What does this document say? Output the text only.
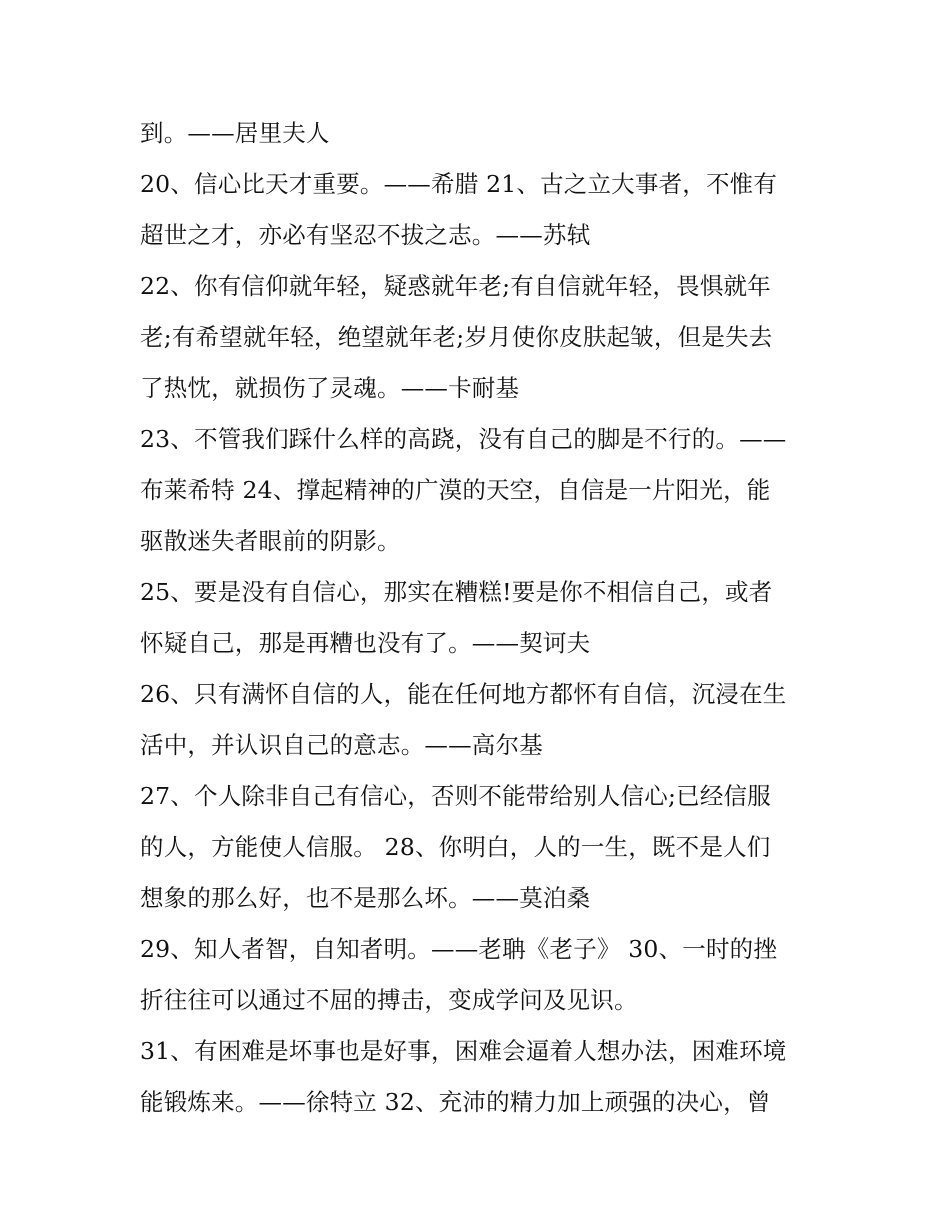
到。——居里夫人
20、信心比天才重要。——希腊 21、古之立大事者，不惟有
超世之才，亦必有坚忍不拔之志。——苏轼
22、你有信仰就年轻，疑惑就年老;有自信就年轻，畏惧就年
老;有希望就年轻，绝望就年老;岁月使你皮肤起皱，但是失去
了热忱，就损伤了灵魂。——卡耐基
23、不管我们踩什么样的高跷，没有自己的脚是不行的。——
布莱希特 24、撑起精神的广漠的天空，自信是一片阳光，能
驱散迷失者眼前的阴影。
25、要是没有自信心，那实在糟糕!要是你不相信自己，或者
怀疑自己，那是再糟也没有了。——契诃夫
26、只有满怀自信的人，能在任何地方都怀有自信，沉浸在生
活中，并认识自己的意志。——高尔基
27、个人除非自己有信心，否则不能带给别人信心;已经信服
的人，方能使人信服。 28、你明白，人的一生，既不是人们
想象的那么好，也不是那么坏。——莫泊桑
29、知人者智，自知者明。——老聃《老子》 30、一时的挫
折往往可以通过不屈的搏击，变成学问及见识。
31、有困难是坏事也是好事，困难会逼着人想办法，困难环境
能锻炼来。——徐特立 32、充沛的精力加上顽强的决心，曾
